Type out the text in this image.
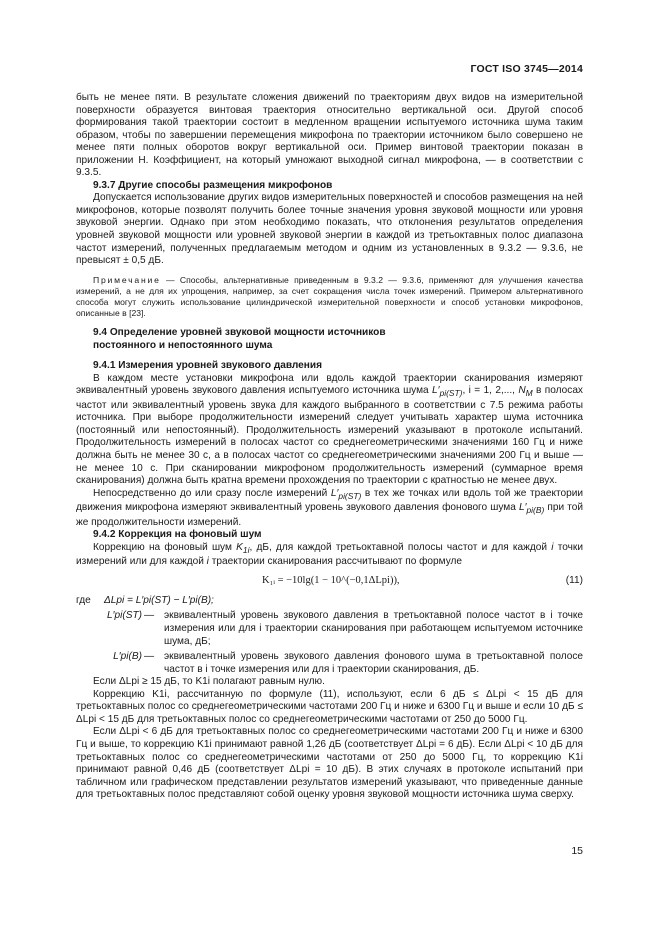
ГОСТ ISO 3745—2014

быть не менее пяти. В результате сложения движений по траекториям двух видов на измерительной поверхности образуется винтовая траектория относительно вертикальной оси. Другой способ формирования такой траектории состоит в медленном вращении испытуемого источника шума таким образом, чтобы по завершении перемещения микрофона по траектории источником было совершено не менее пяти полных оборотов вокруг вертикальной оси. Пример винтовой траектории показан в приложении Н. Коэффициент, на который умножают выходной сигнал микрофона, — в соответствии с 9.3.5.

9.3.7 Другие способы размещения микрофонов

Допускается использование других видов измерительных поверхностей и способов размещения на ней микрофонов, которые позволят получить более точные значения уровня звуковой мощности или уровня звуковой энергии. Однако при этом необходимо показать, что отклонения результатов определения уровней звуковой мощности или уровней звуковой энергии в каждой из третьоктавных полос диапазона частот измерений, полученных предлагаемым методом и одним из установленных в 9.3.2 — 9.3.6, не превысят ± 0,5 дБ.

Примечание — Способы, альтернативные приведенным в 9.3.2 — 9.3.6, применяют для улучшения качества измерений, а не для их упрощения, например, за счет сокращения числа точек измерений. Примером альтернативного способа могут служить использование цилиндрической измерительной поверхности и способ установки микрофонов, описанные в [23].

9.4 Определение уровней звуковой мощности источников

постоянного и непостоянного шума

9.4.1 Измерения уровней звукового давления

В каждом месте установки микрофона или вдоль каждой траектории сканирования измеряют эквивалентный уровень звукового давления испытуемого источника шума $L'_{pi(ST)}$, i = 1, 2,..., $N_M$ в полосах частот или эквивалентный уровень звука для каждого выбранного в соответствии с 7.5 режима работы источника. При выборе продолжительности измерений следует учитывать характер шума источника (постоянный или непостоянный). Продолжительность измерений указывают в протоколе испытаний. Продолжительность измерений в полосах частот со среднегеометрическими значениями 160 Гц и ниже должна быть не менее 30 с, а в полосах частот со среднегеометрическими значениями 200 Гц и выше — не менее 10 с. При сканировании микрофоном продолжительность измерений (суммарное время сканирования) должна быть кратна времени прохождения по траектории с кратностью не менее двух.

Непосредственно до или сразу после измерений $L'_{pi(ST)}$ в тех же точках или вдоль той же траектории движения микрофона измеряют эквивалентный уровень звукового давления фонового шума $L'_{pi(B)}$ при той же продолжительности измерений.

9.4.2 Коррекция на фоновый шум

Коррекцию на фоновый шум $K_{1i}$, дБ, для каждой третьоктавной полосы частот и для каждой i точки измерений или для каждой i траектории сканирования рассчитывают по формуле

K₁ᵢ = −10lg(1 − 10^(−0,1ΔLpi)),	(11)
где	ΔLpi = L′pi(ST) − L′pi(B);
L′pi(ST) — эквивалентный уровень звукового давления в третьоктавной полосе частот в i точке измерения или для i траектории сканирования при работающем испытуемом источнике шума, дБ;
L′pi(B) — эквивалентный уровень звукового давления фонового шума в третьоктавной полосе частот в i точке измерения или для i траектории сканирования, дБ.

Если ΔLpi ≥ 15 дБ, то K1i полагают равным нулю.

Коррекцию K1i, рассчитанную по формуле (11), используют, если 6 дБ ≤ ΔLpi < 15 дБ для третьоктавных полос со среднегеометрическими частотами 200 Гц и ниже и 6300 Гц и выше и если 10 дБ ≤ ΔLpi < 15 дБ для третьоктавных полос со среднегеометрическими частотами от 250 до 5000 Гц.

Если ΔLpi < 6 дБ для третьоктавных полос со среднегеометрическими частотами 200 Гц и ниже и 6300 Гц и выше, то коррекцию K1i принимают равной 1,26 дБ (соответствует ΔLpi = 6 дБ). Если ΔLpi < 10 дБ для третьоктавных полос со среднегеометрическими частотами от 250 до 5000 Гц, то коррекцию K1i принимают равной 0,46 дБ (соответствует ΔLpi = 10 дБ). В этих случаях в протоколе испытаний при табличном или графическом представлении результатов измерений указывают, что приведенные данные для третьоктавных полос представляют собой оценку уровня звуковой мощности источника шума сверху.

15
